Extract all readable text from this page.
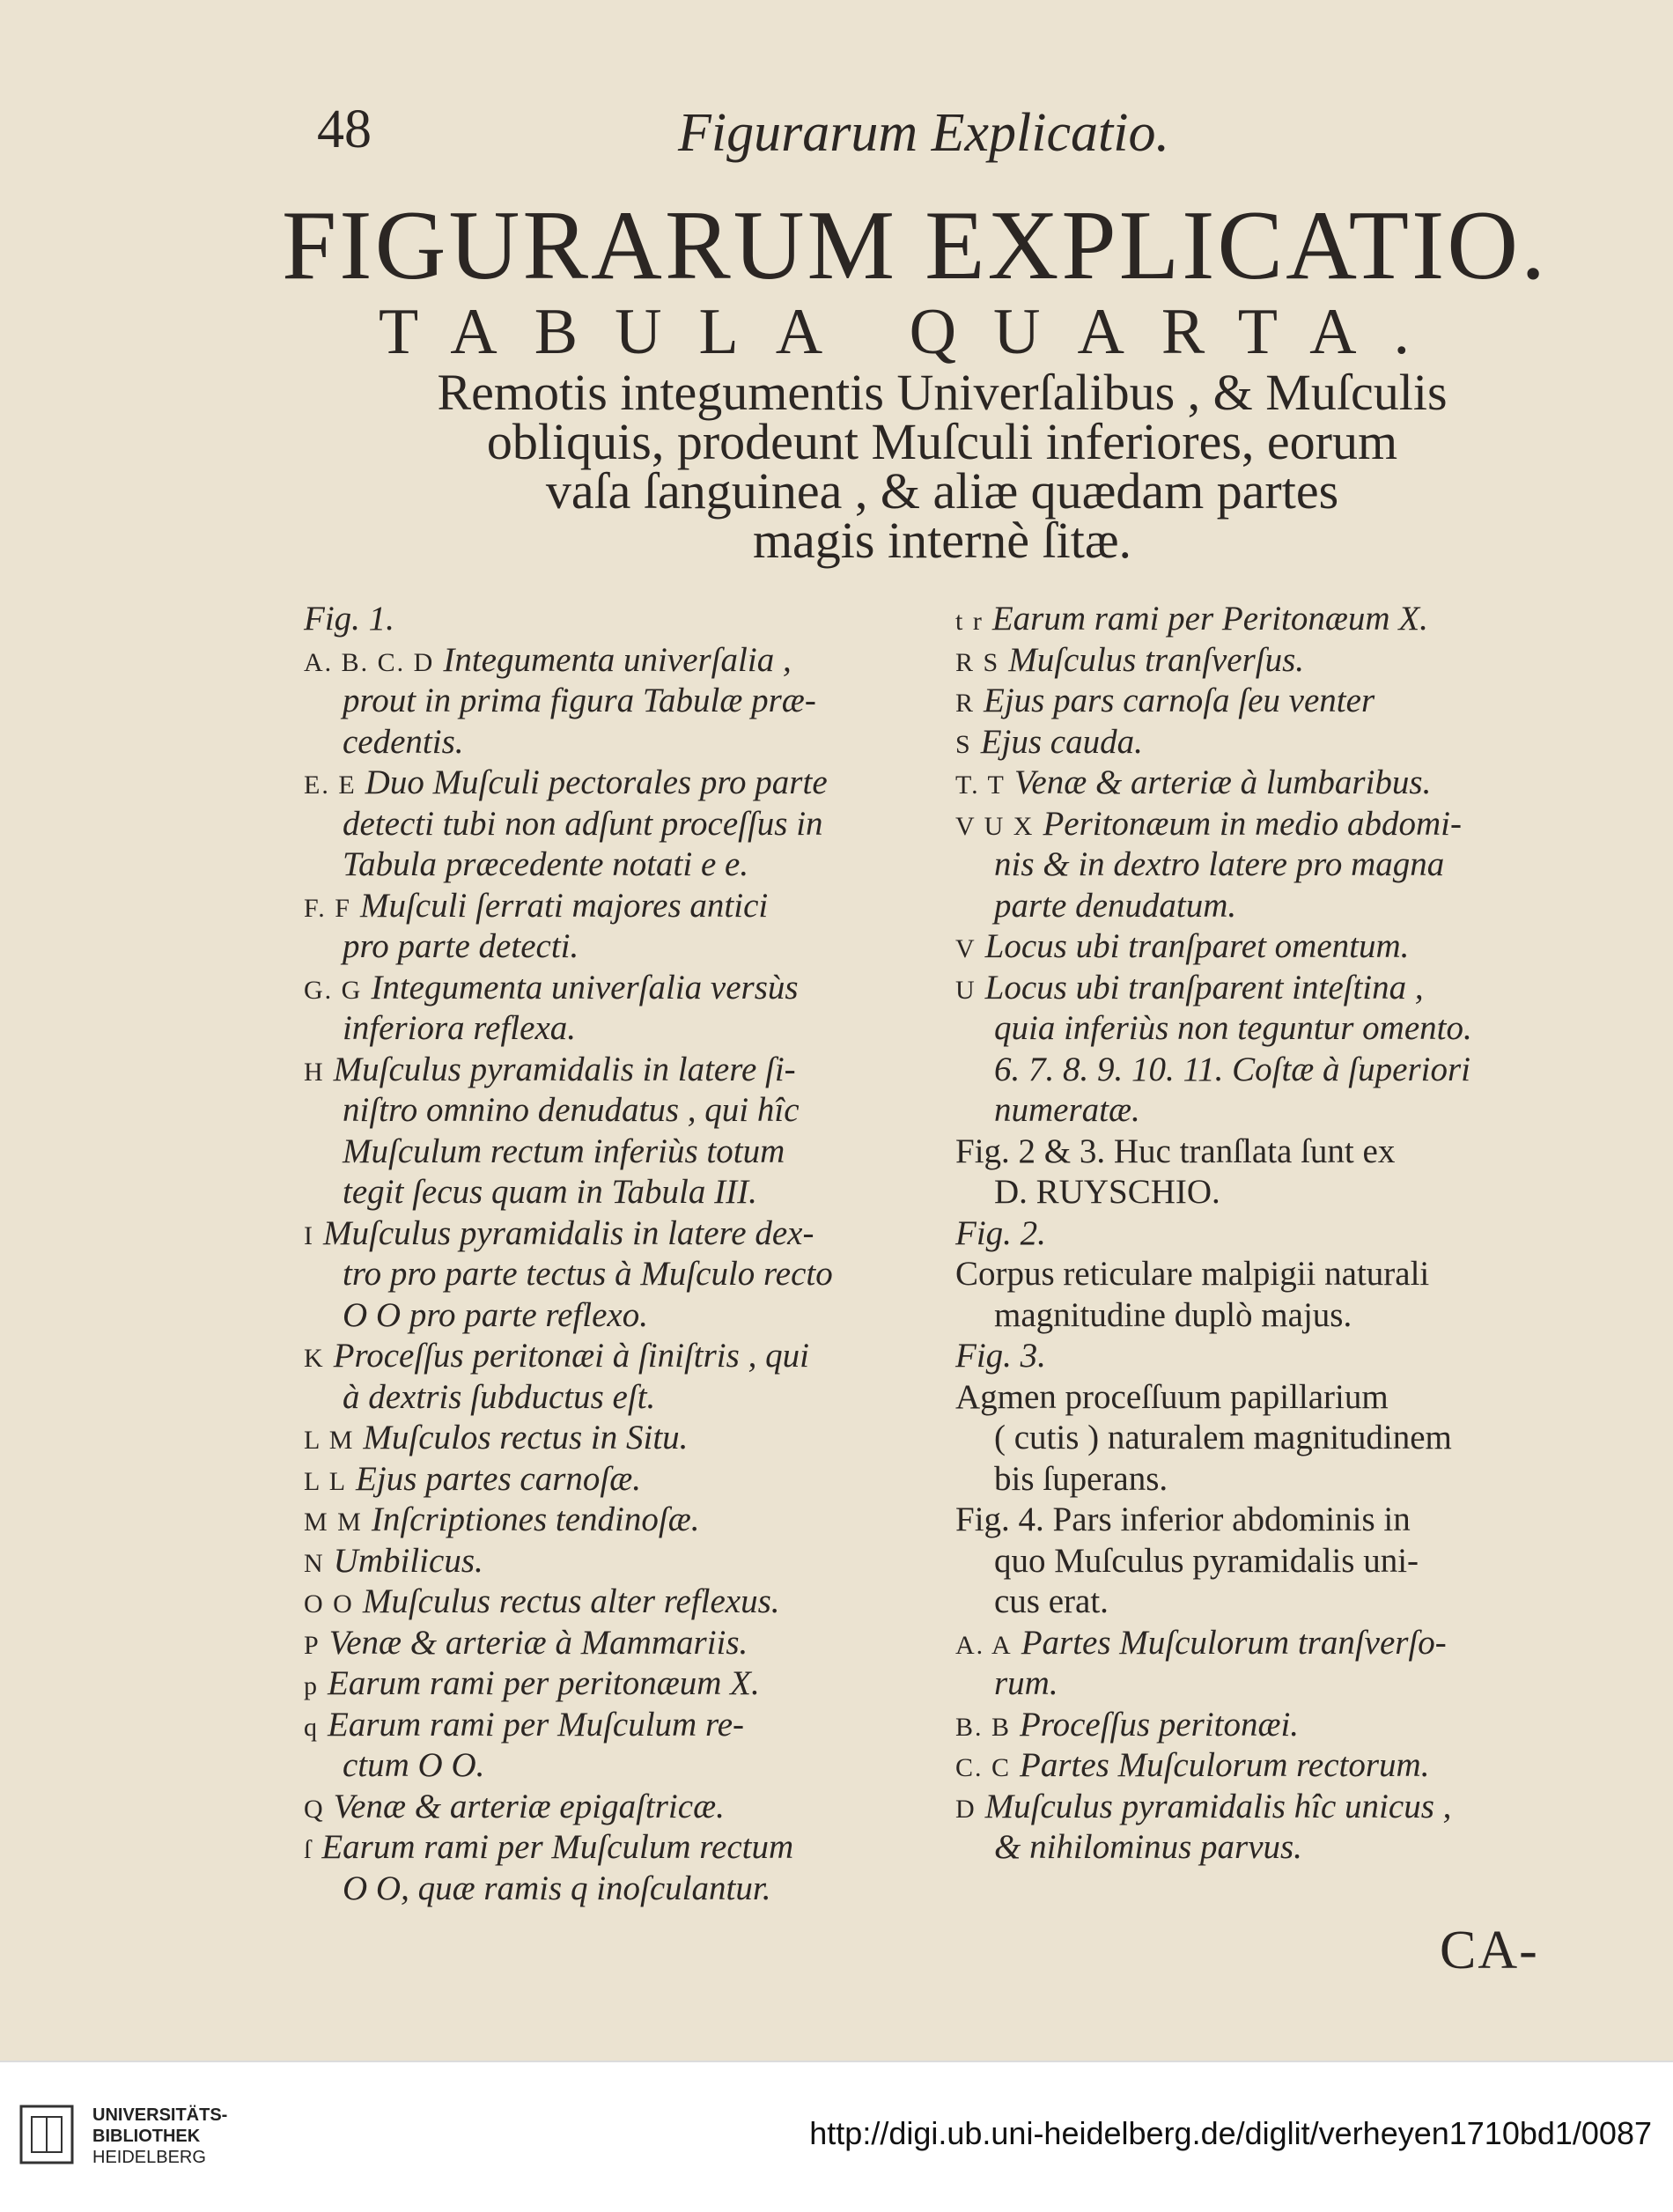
48	Figurarum Explicatio.
FIGURARUM EXPLICATIO.
TABULA QUARTA.
Remotis integumentis Univerſalibus , & Muſculis
obliquis, prodeunt Muſculi inferiores, eorum
vaſa ſanguinea , & aliæ quædam partes
magis internè ſitæ.
Fig. 1.
A. B. C. D Integumenta univerſalia ,
prout in prima figura Tabulæ præ-
cedentis.
E. E Duo Muſculi pectorales pro parte
detecti tubi non adſunt proceſſus in
Tabula præcedente notati e e.
F. F Muſculi ſerrati majores antici
pro parte detecti.
G. G Integumenta univerſalia versùs
inferiora reflexa.
H Muſculus pyramidalis in latere ſi-
niſtro omnino denudatus , qui hîc
Muſculum rectum inferiùs totum
tegit ſecus quam in Tabula III.
I Muſculus pyramidalis in latere dex-
tro pro parte tectus à Muſculo recto
O O pro parte reflexo.
K Proceſſus peritonæi à ſiniſtris , qui
à dextris ſubductus eſt.
L M Muſculos rectus in Situ.
L L Ejus partes carnoſæ.
M M Inſcriptiones tendinoſæ.
N Umbilicus.
O O Muſculus rectus alter reflexus.
P Venæ & arteriæ à Mammariis.
p Earum rami per peritonæum X.
q Earum rami per Muſculum re-
ctum O O.
Q Venæ & arteriæ epigaſtricæ.
ſ Earum rami per Muſculum rectum
O O, quæ ramis q inoſculantur.
t r Earum rami per Peritonæum X.
R S Muſculus tranſverſus.
R Ejus pars carnoſa ſeu venter
S Ejus cauda.
T. T Venæ & arteriæ à lumbaribus.
V U X Peritonæum in medio abdomi-
nis & in dextro latere pro magna
parte denudatum.
V Locus ubi tranſparet omentum.
U Locus ubi tranſparent inteſtina ,
quia inferiùs non teguntur omento.
6. 7. 8. 9. 10. 11. Coſtæ à ſuperiori
numeratæ.
Fig. 2 & 3. Huc tranſlata ſunt ex
D. RUYSCHIO.
Fig. 2.
Corpus reticulare malpigii naturali
magnitudine duplò majus.
Fig. 3.
Agmen proceſſuum papillarium
( cutis ) naturalem magnitudinem
bis ſuperans.
Fig. 4. Pars inferior abdominis in
quo Muſculus pyramidalis uni-
cus erat.
A. A Partes Muſculorum tranſverſo-
rum.
B. B Proceſſus peritonæi.
C. C Partes Muſculorum rectorum.
D Muſculus pyramidalis hîc unicus ,
& nihilominus parvus.
CA-
UNIVERSITÄTS-
BIBLIOTHEK
HEIDELBERG
http://digi.ub.uni-heidelberg.de/diglit/verheyen1710bd1/0087
